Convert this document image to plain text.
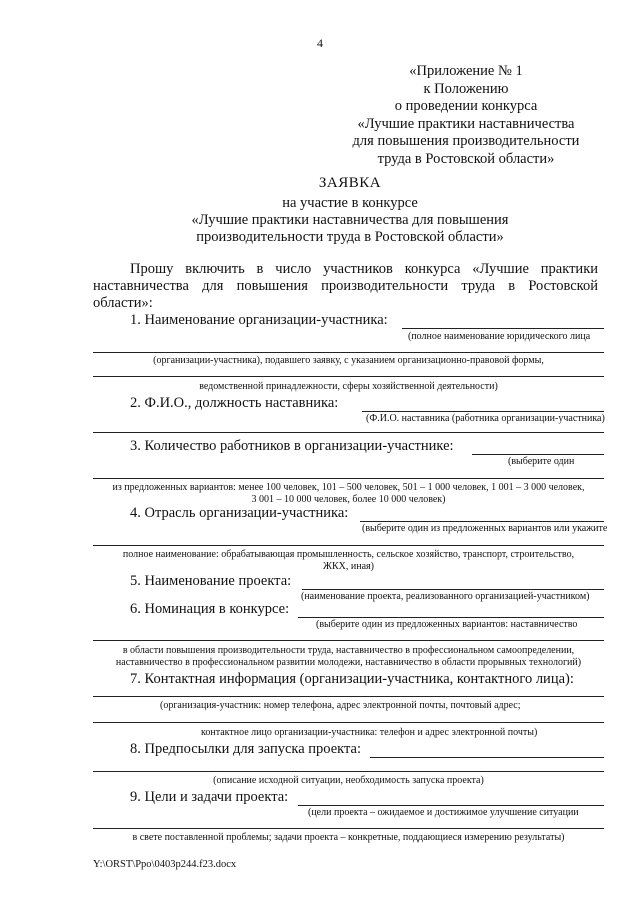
4
«Приложение № 1
к Положению
о проведении конкурса
«Лучшие практики наставничества
для повышения производительности
труда в Ростовской области»
ЗАЯВКА
на участие в конкурсе
«Лучшие практики наставничества для повышения
производительности труда в Ростовской области»
Прошу включить в число участников конкурса «Лучшие практики наставничества для повышения производительности труда в Ростовской области»:
1. Наименование организации-участника:
(полное наименование юридического лица
(организации-участника), подавшего заявку, с указанием организационно-правовой формы,
ведомственной принадлежности, сферы хозяйственной деятельности)
2. Ф.И.О., должность наставника:
(Ф.И.О. наставника (работника организации-участника)
3. Количество работников в организации-участнике:
(выберите один
из предложенных вариантов: менее 100 человек, 101 – 500 человек, 501 – 1 000 человек, 1 001 – 3 000 человек,
3 001 – 10 000 человек, более 10 000 человек)
4. Отрасль организации-участника:
(выберите один из предложенных вариантов или укажите
полное наименование: обрабатывающая промышленность, сельское хозяйство, транспорт, строительство,
ЖКХ, иная)
5. Наименование проекта:
(наименование проекта, реализованного организацией-участником)
6. Номинация в конкурсе:
(выберите один из предложенных вариантов: наставничество
в области повышения производительности труда, наставничество в профессиональном самоопределении,
наставничество в профессиональном развитии молодежи, наставничество в области прорывных технологий)
7. Контактная информация (организации-участника, контактного лица):
(организация-участник: номер телефона, адрес электронной почты, почтовый адрес;
контактное лицо организации-участника: телефон и адрес электронной почты)
8. Предпосылки для запуска проекта:
(описание исходной ситуации, необходимость запуска проекта)
9. Цели и задачи проекта:
(цели проекта – ожидаемое и достижимое улучшение ситуации
в свете поставленной проблемы; задачи проекта – конкретные, поддающиеся измерению результаты)
Y:\ORST\Ppo\0403p244.f23.docx
